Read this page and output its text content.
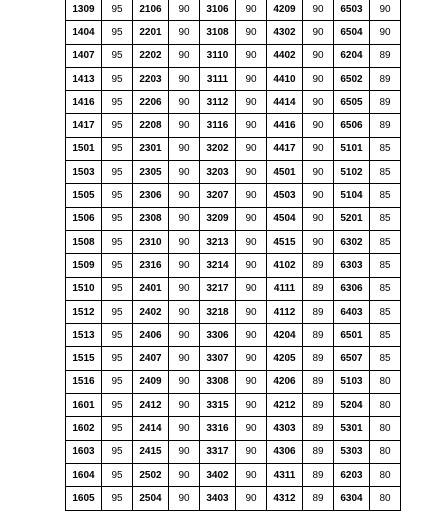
1309	95	2106	90	3106	90	4209	90	6503	90
1404	95	2201	90	3108	90	4302	90	6504	90
1407	95	2202	90	3110	90	4402	90	6204	89
1413	95	2203	90	3111	90	4410	90	6502	89
1416	95	2206	90	3112	90	4414	90	6505	89
1417	95	2208	90	3116	90	4416	90	6506	89
1501	95	2301	90	3202	90	4417	90	5101	85
1503	95	2305	90	3203	90	4501	90	5102	85
1505	95	2306	90	3207	90	4503	90	5104	85
1506	95	2308	90	3209	90	4504	90	5201	85
1508	95	2310	90	3213	90	4515	90	6302	85
1509	95	2316	90	3214	90	4102	89	6303	85
1510	95	2401	90	3217	90	4111	89	6306	85
1512	95	2402	90	3218	90	4112	89	6403	85
1513	95	2406	90	3306	90	4204	89	6501	85
1515	95	2407	90	3307	90	4205	89	6507	85
1516	95	2409	90	3308	90	4206	89	5103	80
1601	95	2412	90	3315	90	4212	89	5204	80
1602	95	2414	90	3316	90	4303	89	5301	80
1603	95	2415	90	3317	90	4306	89	5303	80
1604	95	2502	90	3402	90	4311	89	6203	80
1605	95	2504	90	3403	90	4312	89	6304	80
